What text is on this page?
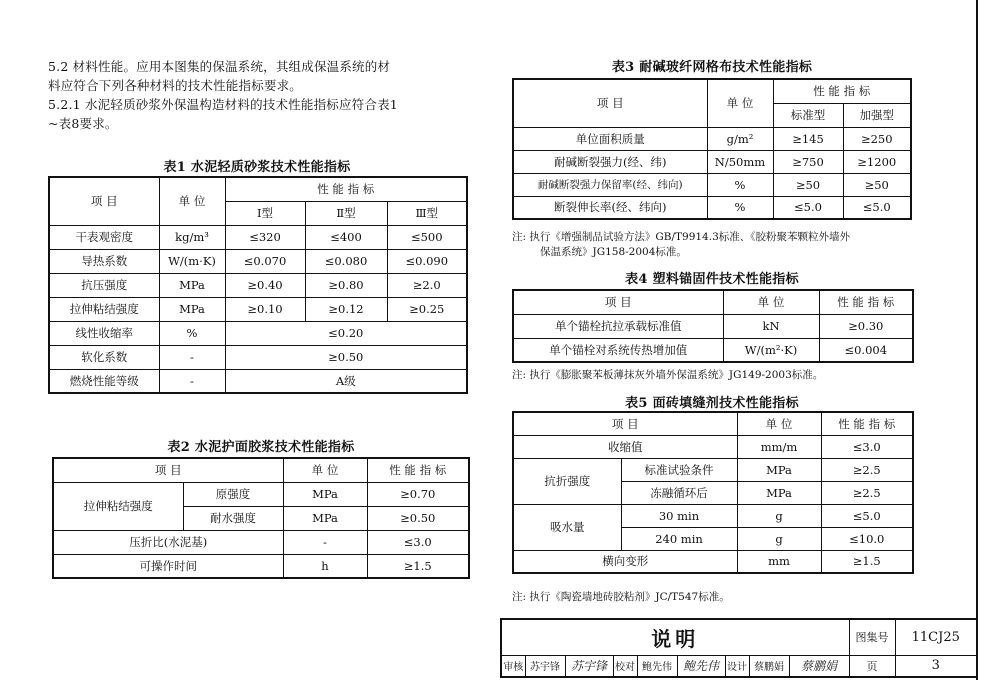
5.2 材料性能。应用本图集的保温系统，其组成保温系统的材
料应符合下列各种材料的技术性能指标要求。
5.2.1 水泥轻质砂浆外保温构造材料的技术性能指标应符合表1
~表8要求。
表1 水泥轻质砂浆技术性能指标
项 目	单 位	性 能 指 标		
		Ⅰ型	Ⅱ型	Ⅲ型
干表观密度	kg/m³	≤320	≤400	≤500
导热系数	W/(m·K)	≤0.070	≤0.080	≤0.090
抗压强度	MPa	≥0.40	≥0.80	≥2.0
拉伸粘结强度	MPa	≥0.10	≥0.12	≥0.25
线性收缩率	%	≤0.20		
软化系数	-	≥0.50		
燃烧性能等级	-	A级		
表2 水泥护面胶浆技术性能指标
项 目		单 位	性 能 指 标
拉伸粘结强度	原强度	MPa	≥0.70
	耐水强度	MPa	≥0.50
压折比(水泥基)		-	≤3.0
可操作时间		h	≥1.5
表3 耐碱玻纤网格布技术性能指标
项 目	单 位	性 能 指 标	
		标准型	加强型
单位面积质量	g/m²	≥145	≥250
耐碱断裂强力(经、纬)	N/50mm	≥750	≥1200
耐碱断裂强力保留率(经、纬向)	%	≥50	≥50
断裂伸长率(经、纬向)	%	≤5.0	≤5.0
注: 执行《增强制品试验方法》GB/T9914.3标准、《胶粉聚苯颗粒外墙外
保温系统》JG158-2004标准。
表4 塑料锚固件技术性能指标
项 目	单 位	性 能 指 标
单个锚栓抗拉承载标准值	kN	≥0.30
单个锚栓对系统传热增加值	W/(m²·K)	≤0.004
注: 执行《膨胀聚苯板薄抹灰外墙外保温系统》JG149-2003标准。
表5 面砖填缝剂技术性能指标
项 目		单 位	性 能 指 标
收缩值		mm/m	≤3.0
抗折强度	标准试验条件	MPa	≥2.5
	冻融循环后	MPa	≥2.5
吸水量	30 min	g	≤5.0
	240 min	g	≤10.0
横向变形		mm	≥1.5
注: 执行《陶瓷墙地砖胶粘剂》JC/T547标准。
说明									图集号	11CJ25
审核	苏宇锋	苏宇锋	校对	鲍先伟	鲍先伟	设计	蔡鹏娟	蔡鹏娟	页	3
